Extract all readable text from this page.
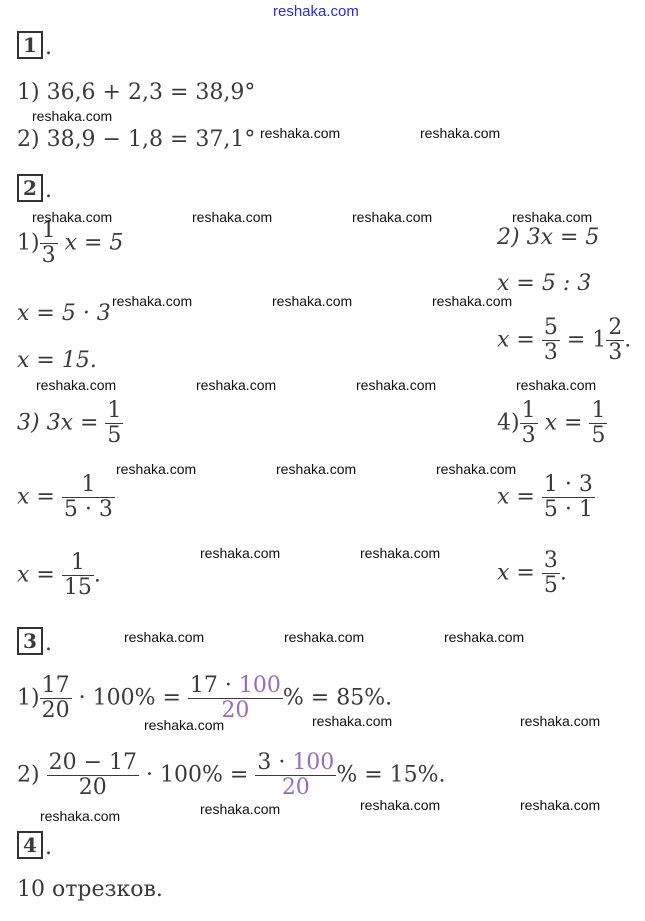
reshaka.com
1 .
1) 36,6 + 2,3 = 38,9°
2) 38,9 − 1,8 = 37,1°
2 .
$1) \frac{1}{3}$ x = 5
x = 5 · 3
x = 15.
2) 3x = 5
x = 5 : 3
$x = \frac{5}{3} = 1 \frac{2}{3}$ .
3) $3x = \frac{1}{5}$
$x = \frac{1}{5 \cdot 3}$
$x = \frac{1}{15}$ .
$4) \frac{1}{3}$ $x = \frac{1}{5}$
$x = \frac{1 \cdot 3}{5 \cdot 1}$
$x = \frac{3}{5}$ .
3 .
$1) \frac{17}{20} \cdot 100\% = \frac{17 \cdot 100}{20}$ % = 85%.
$2) \frac{20 - 17}{20} \cdot 100\% = \frac{3 \cdot 100}{20}$ % = 15%.
4 .
10 отрезков.
reshaka.com
reshaka.com	reshaka.com
reshaka.com	reshaka.com	reshaka.com	reshaka.com
reshaka.com	reshaka.com	reshaka.com
reshaka.com	reshaka.com	reshaka.com	reshaka.com
reshaka.com	reshaka.com	reshaka.com
reshaka.com	reshaka.com
reshaka.com	reshaka.com	reshaka.com
reshaka.com	reshaka.com	reshaka.com
reshaka.com	reshaka.com	reshaka.com	reshaka.com
